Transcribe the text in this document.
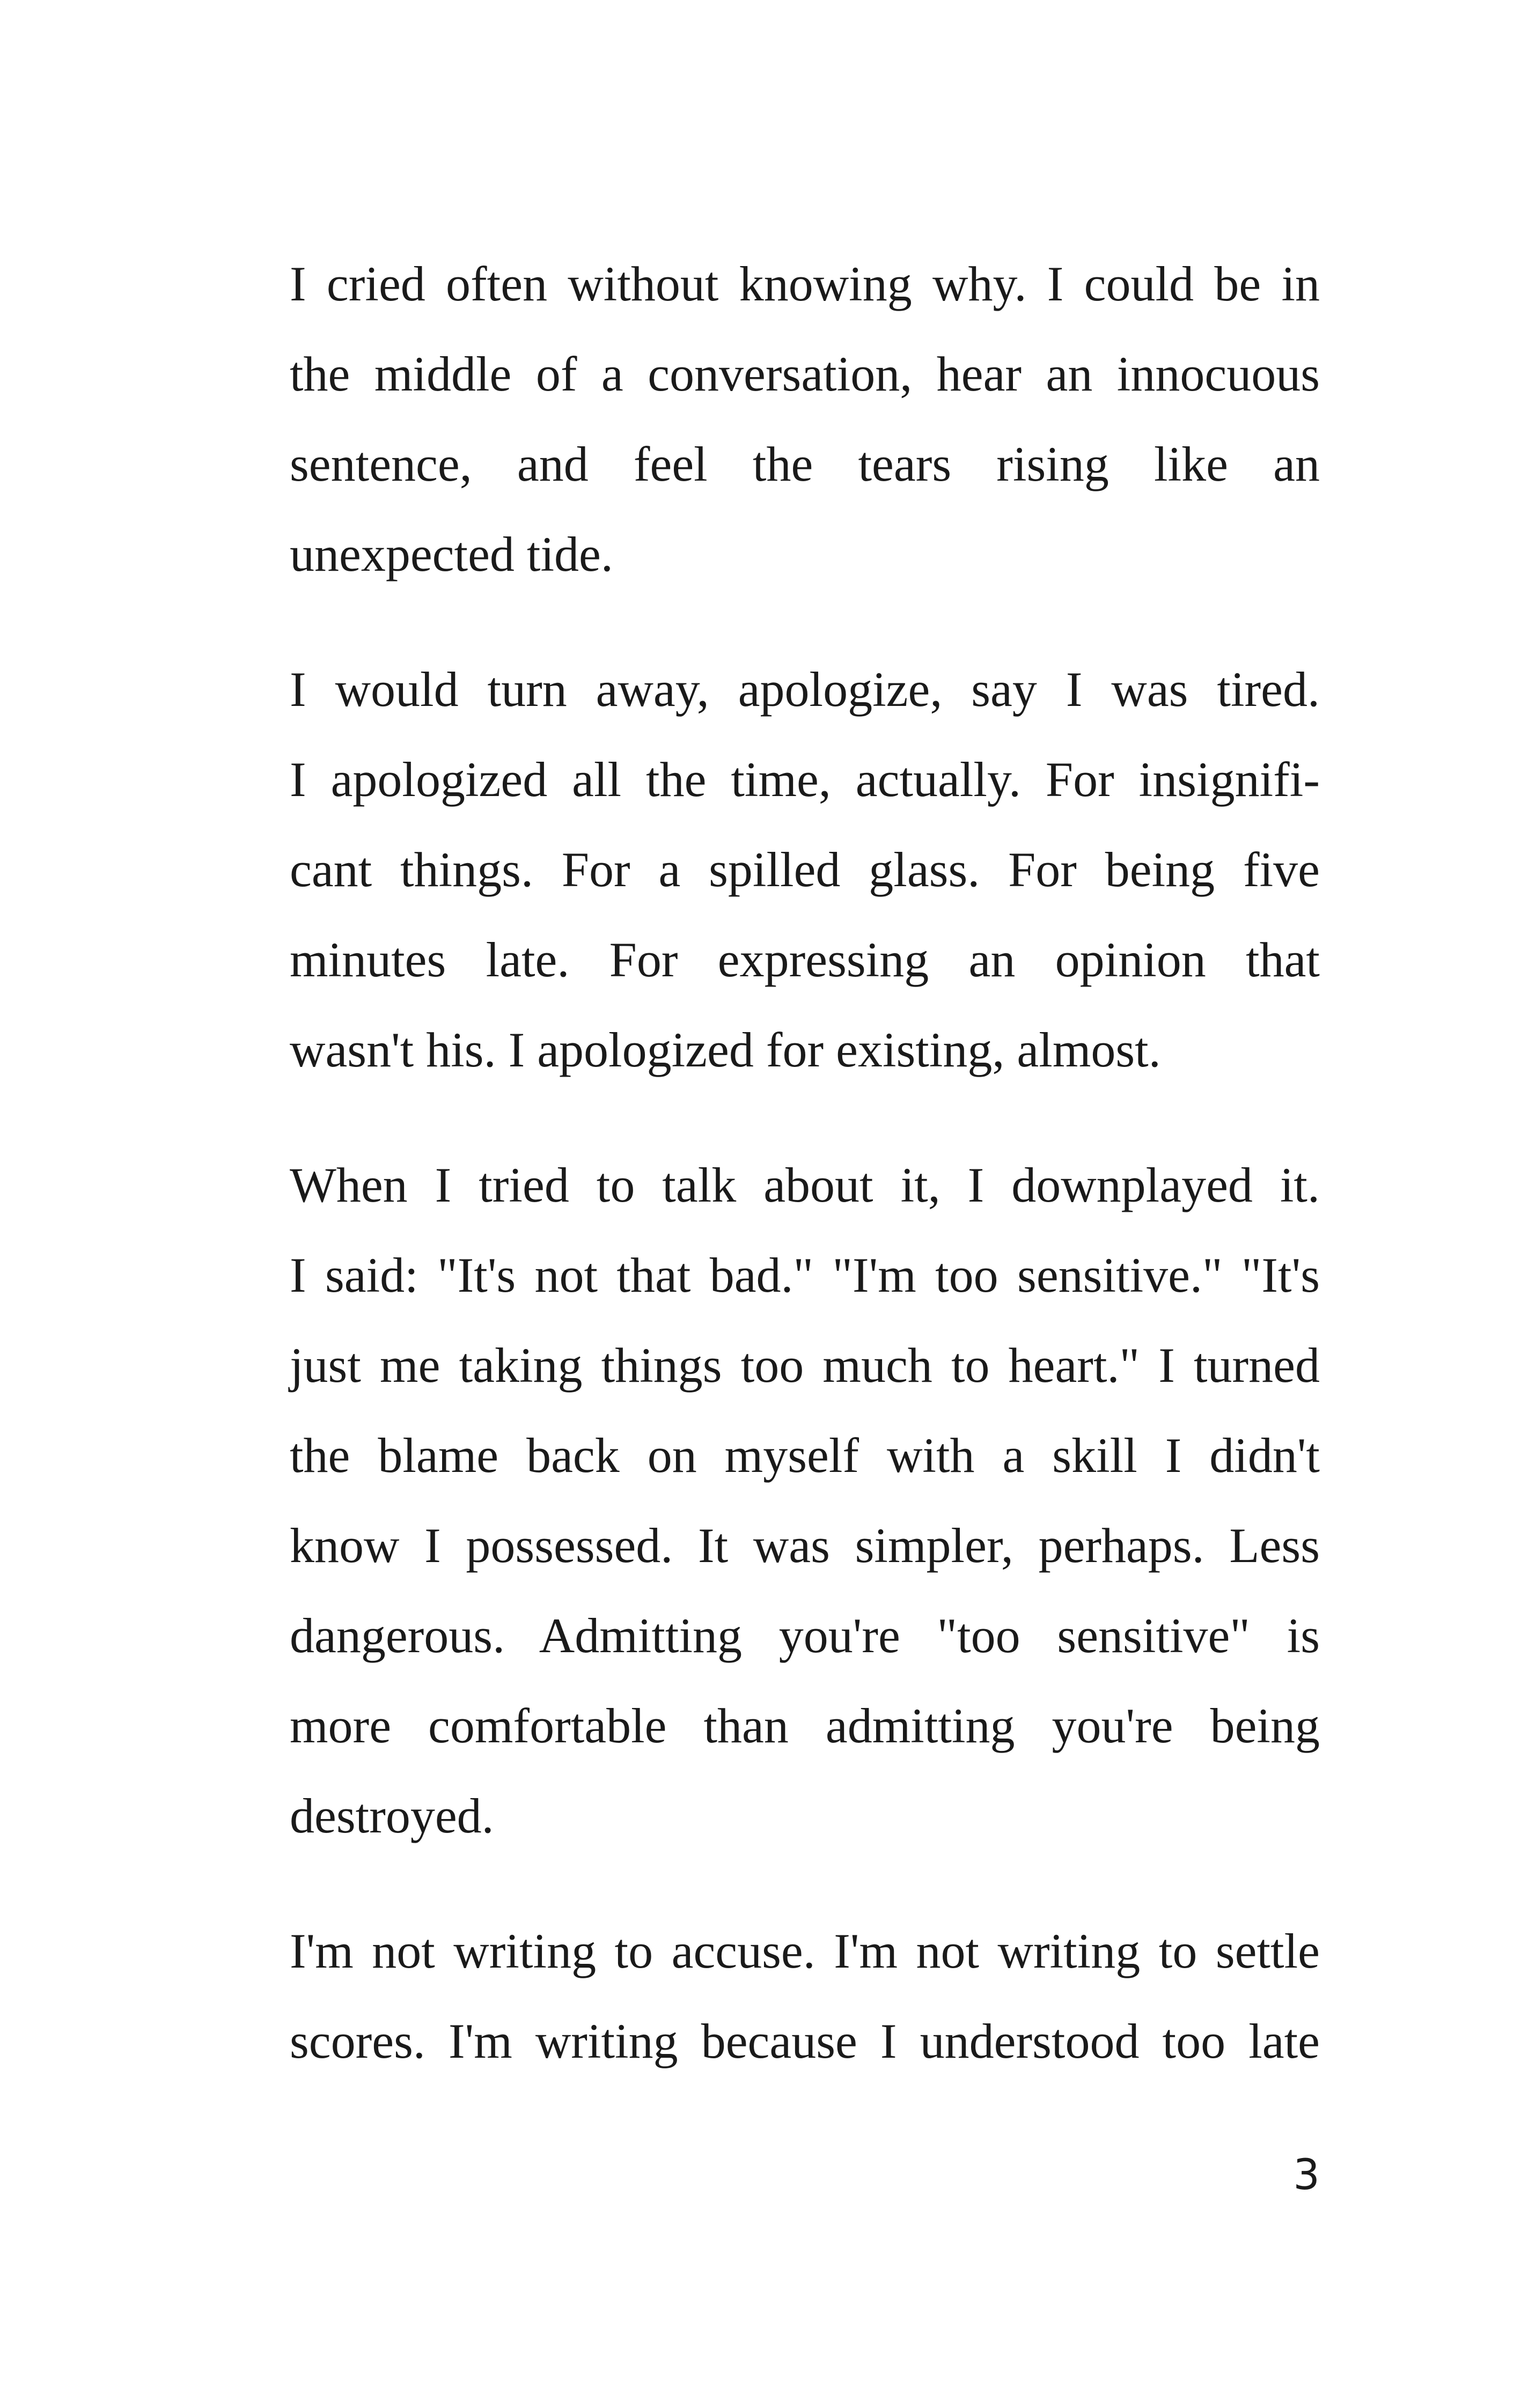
I cried often without knowing why. I could be in
the middle of a conversation, hear an innocuous
sentence, and feel the tears rising like an
unexpected tide.
I would turn away, apologize, say I was tired.
I apologized all the time, actually. For insignifi-
cant things. For a spilled glass. For being five
minutes late. For expressing an opinion that
wasn't his. I apologized for existing, almost.
When I tried to talk about it, I downplayed it.
I said: "It's not that bad." "I'm too sensitive." "It's
just me taking things too much to heart." I turned
the blame back on myself with a skill I didn't
know I possessed. It was simpler, perhaps. Less
dangerous. Admitting you're "too sensitive" is
more comfortable than admitting you're being
destroyed.
I'm not writing to accuse. I'm not writing to settle
scores. I'm writing because I understood too late
3
